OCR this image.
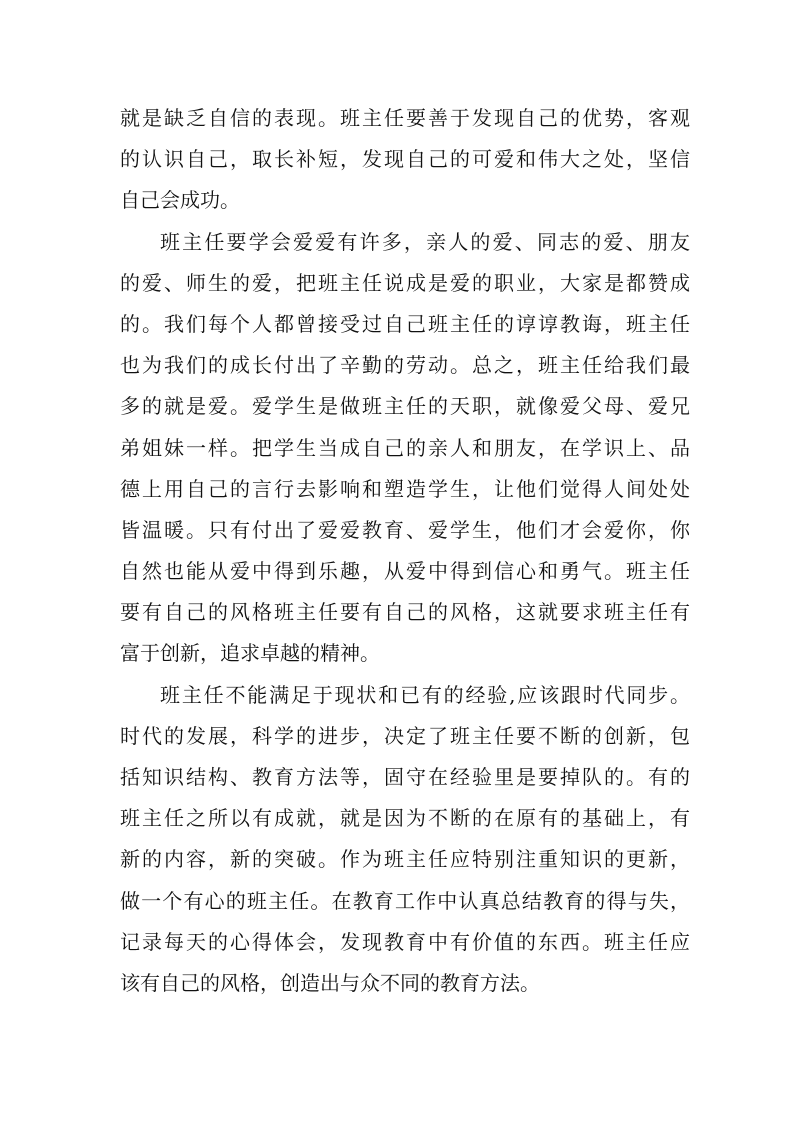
就是缺乏自信的表现。班主任要善于发现自己的优势，客观
的认识自己，取长补短，发现自己的可爱和伟大之处，坚信
自己会成功。
班主任要学会爱爱有许多，亲人的爱、同志的爱、朋友
的爱、师生的爱，把班主任说成是爱的职业，大家是都赞成
的。我们每个人都曾接受过自己班主任的谆谆教诲，班主任
也为我们的成长付出了辛勤的劳动。总之，班主任给我们最
多的就是爱。爱学生是做班主任的天职，就像爱父母、爱兄
弟姐妹一样。把学生当成自己的亲人和朋友，在学识上、品
德上用自己的言行去影响和塑造学生，让他们觉得人间处处
皆温暖。只有付出了爱爱教育、爱学生，他们才会爱你，你
自然也能从爱中得到乐趣，从爱中得到信心和勇气。班主任
要有自己的风格班主任要有自己的风格，这就要求班主任有
富于创新，追求卓越的精神。
班主任不能满足于现状和已有的经验,应该跟时代同步。
时代的发展，科学的进步，决定了班主任要不断的创新，包
括知识结构、教育方法等，固守在经验里是要掉队的。有的
班主任之所以有成就，就是因为不断的在原有的基础上，有
新的内容，新的突破。作为班主任应特别注重知识的更新，
做一个有心的班主任。在教育工作中认真总结教育的得与失，
记录每天的心得体会，发现教育中有价值的东西。班主任应
该有自己的风格，创造出与众不同的教育方法。
